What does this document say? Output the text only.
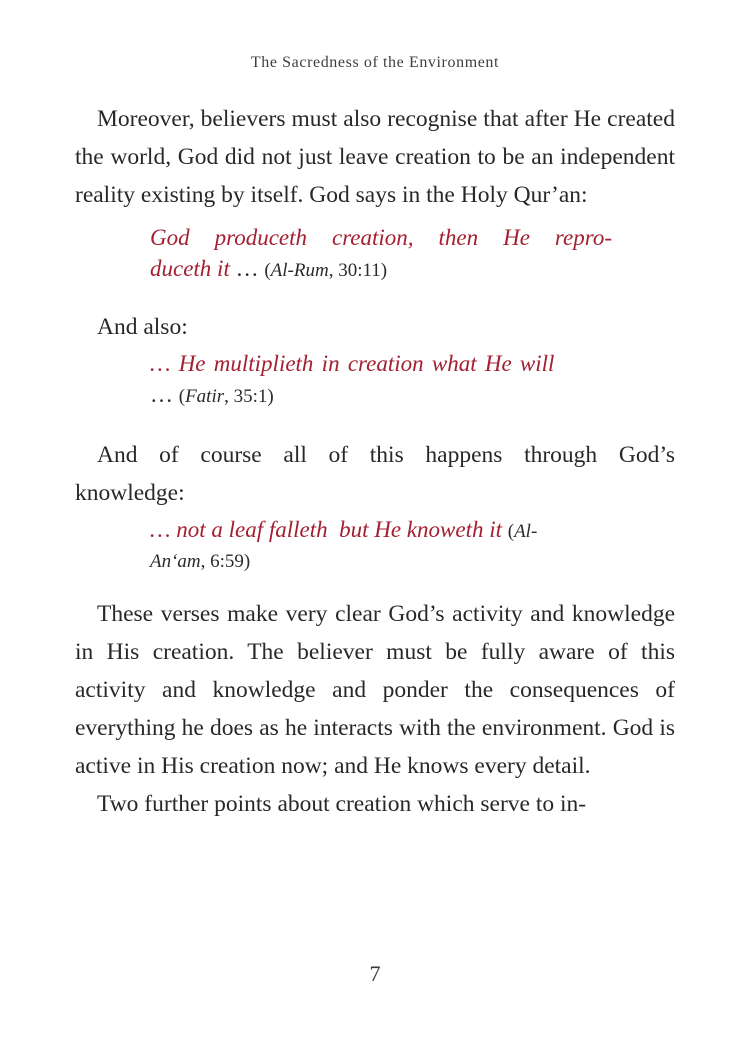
The Sacredness of the Environment

Moreover, believers must also recognise that after He created the world, God did not just leave creation to be an independent reality existing by itself. God says in the Holy Qur’an:

God produceth creation, then He repro-
duceth it … (Al-Rum, 30:11)

And also:

… He multiplieth in creation what He will
… (Fatir, 35:1)
And of course all of this happens through God’s
knowledge:
… not a leaf falleth  but He knoweth it (Al-
An‘am, 6:59)

These verses make very clear God’s activity and knowledge in His creation. The believer must be fully aware of this activity and knowledge and ponder the consequences of everything he does as he interacts with the environment. God is active in His creation now; and He knows every detail.

Two further points about creation which serve to in-

7
